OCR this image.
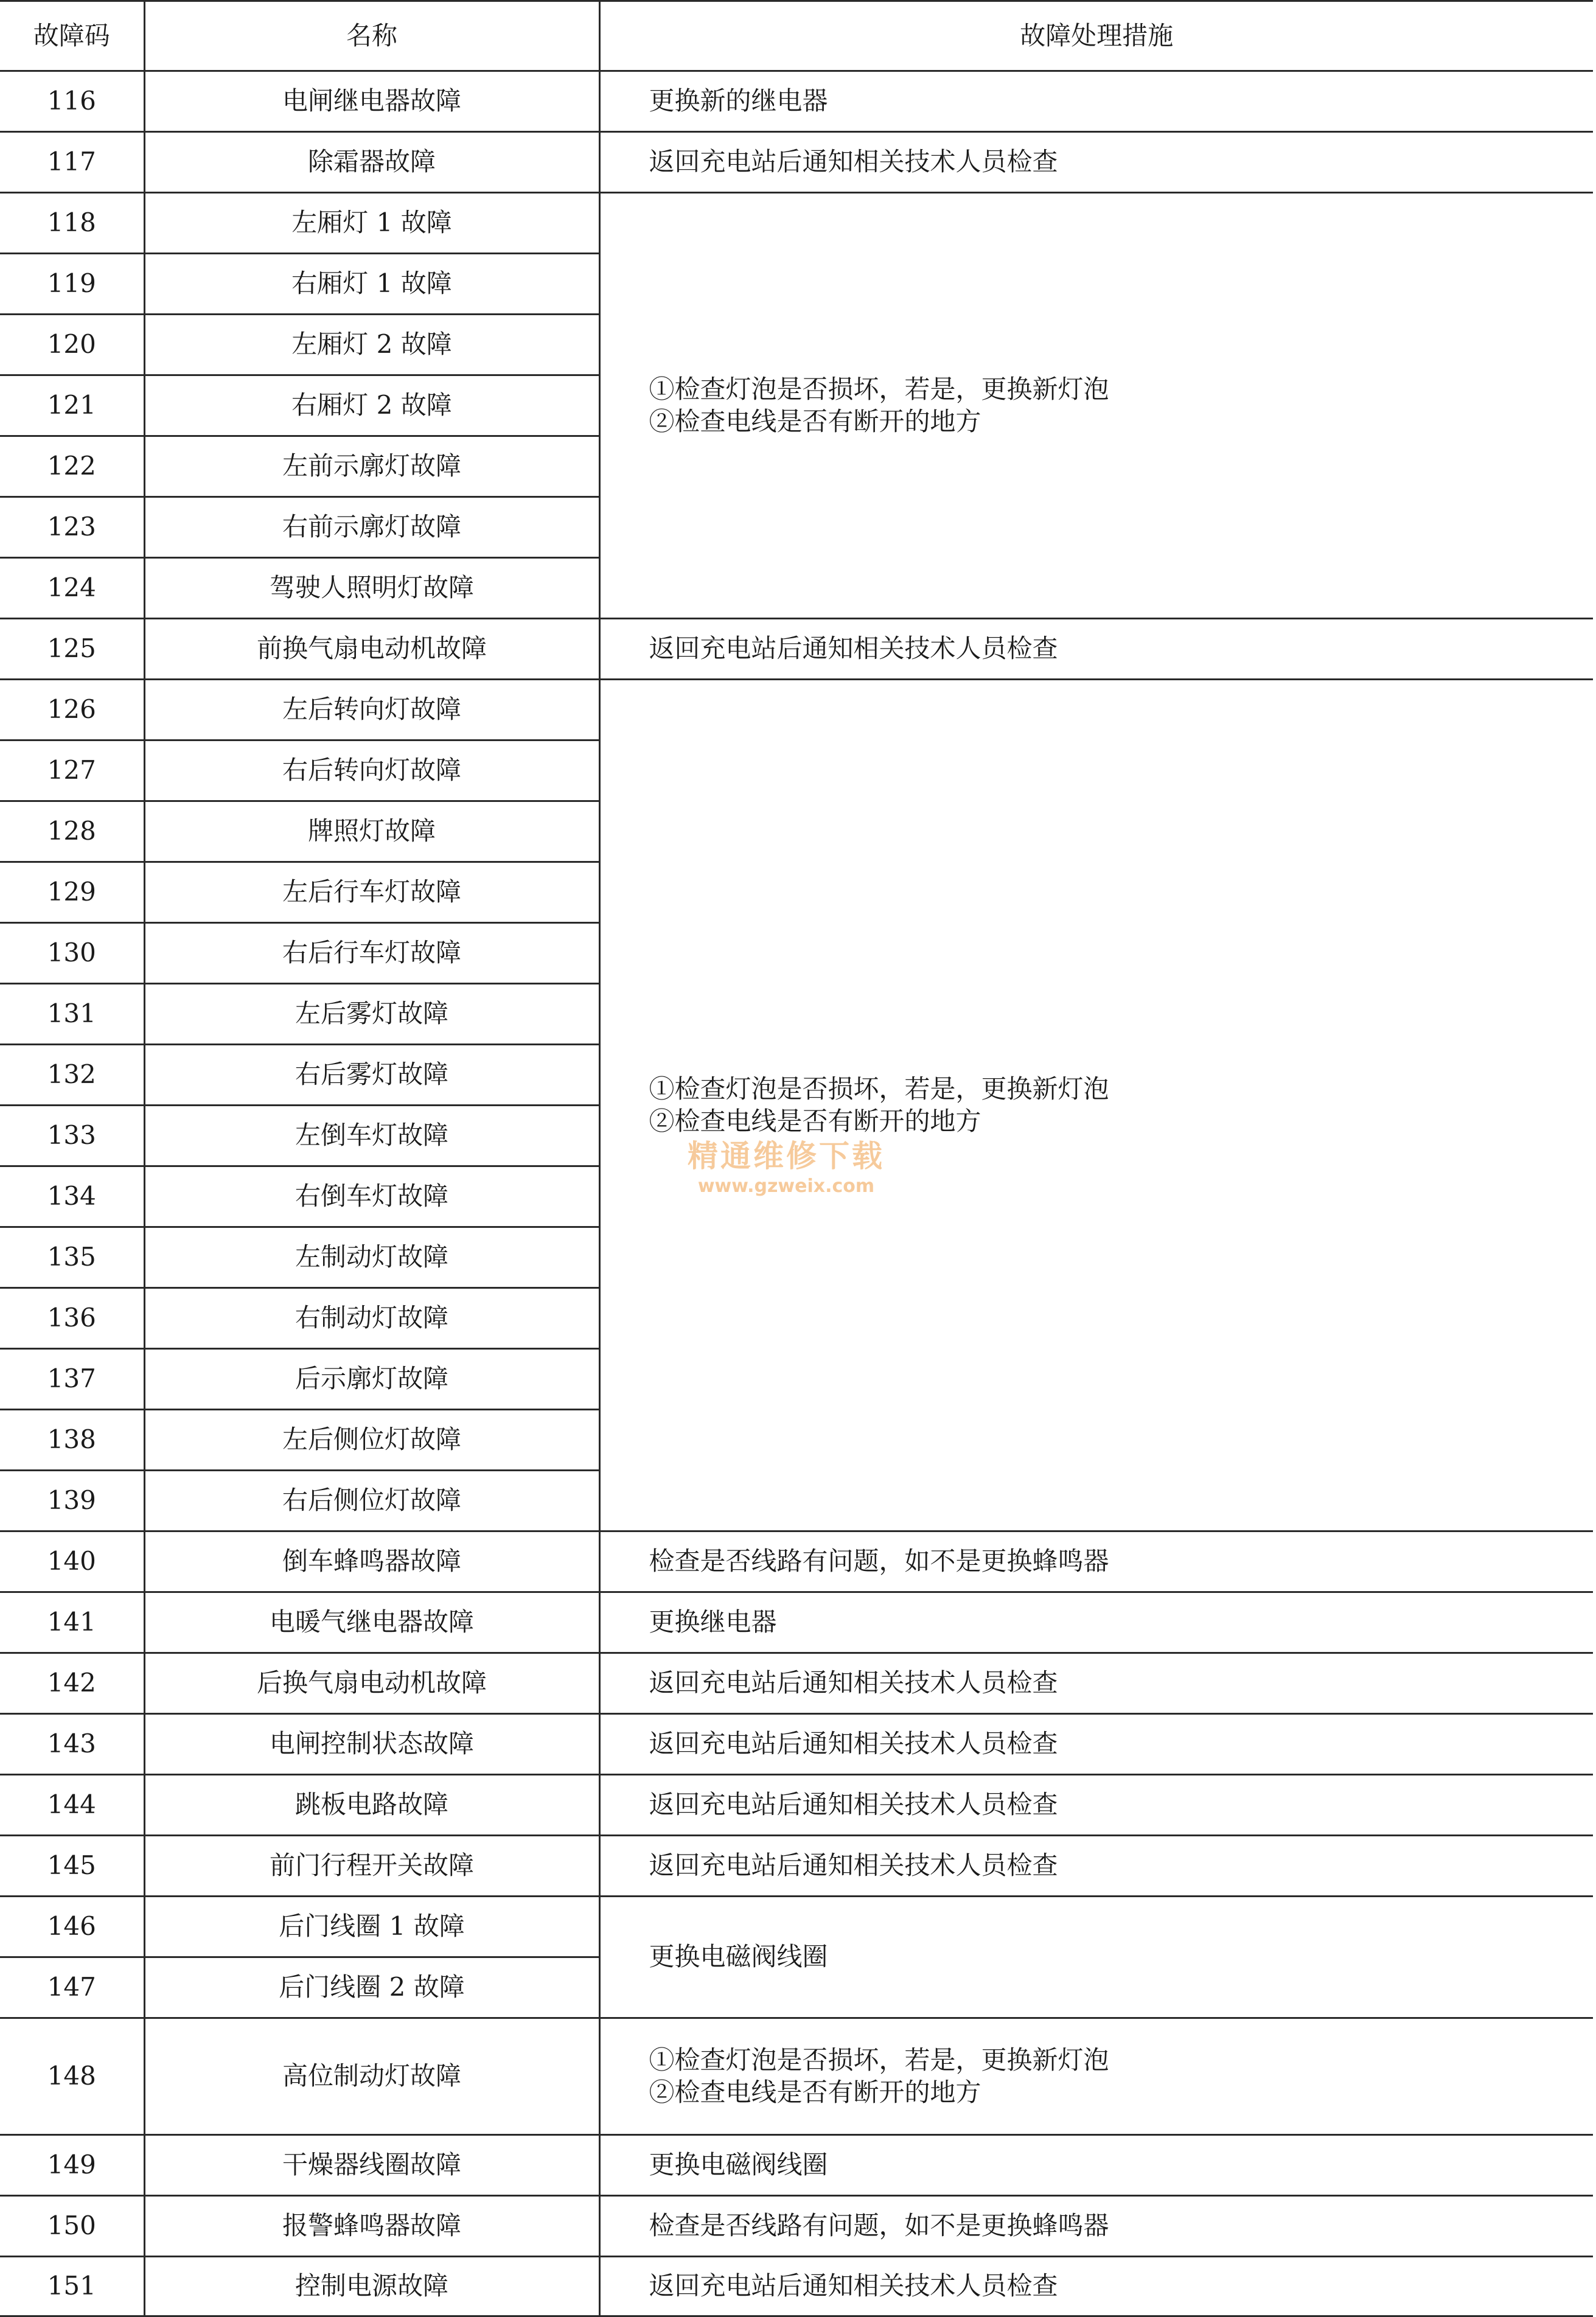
故障码	名称	故障处理措施
116	电闸继电器故障	更换新的继电器
117	除霜器故障	返回充电站后通知相关技术人员检查
118	左厢灯 1 故障	①检查灯泡是否损坏，若是，更换新灯泡
②检查电线是否有断开的地方
119	右厢灯 1 故障	
120	左厢灯 2 故障	
121	右厢灯 2 故障	
122	左前示廓灯故障	
123	右前示廓灯故障	
124	驾驶人照明灯故障	
125	前换气扇电动机故障	返回充电站后通知相关技术人员检查
126	左后转向灯故障	①检查灯泡是否损坏，若是，更换新灯泡
②检查电线是否有断开的地方
127	右后转向灯故障	
128	牌照灯故障	
129	左后行车灯故障	
130	右后行车灯故障	
131	左后雾灯故障	
132	右后雾灯故障	
133	左倒车灯故障	
134	右倒车灯故障	
135	左制动灯故障	
136	右制动灯故障	
137	后示廓灯故障	
138	左后侧位灯故障	
139	右后侧位灯故障	
140	倒车蜂鸣器故障	检查是否线路有问题，如不是更换蜂鸣器
141	电暖气继电器故障	更换继电器
142	后换气扇电动机故障	返回充电站后通知相关技术人员检查
143	电闸控制状态故障	返回充电站后通知相关技术人员检查
144	跳板电路故障	返回充电站后通知相关技术人员检查
145	前门行程开关故障	返回充电站后通知相关技术人员检查
146	后门线圈 1 故障	更换电磁阀线圈
147	后门线圈 2 故障	
148	高位制动灯故障	①检查灯泡是否损坏，若是，更换新灯泡
②检查电线是否有断开的地方
149	干燥器线圈故障	更换电磁阀线圈
150	报警蜂鸣器故障	检查是否线路有问题，如不是更换蜂鸣器
151	控制电源故障	返回充电站后通知相关技术人员检查
精通维修下载
www.gzweix.com
